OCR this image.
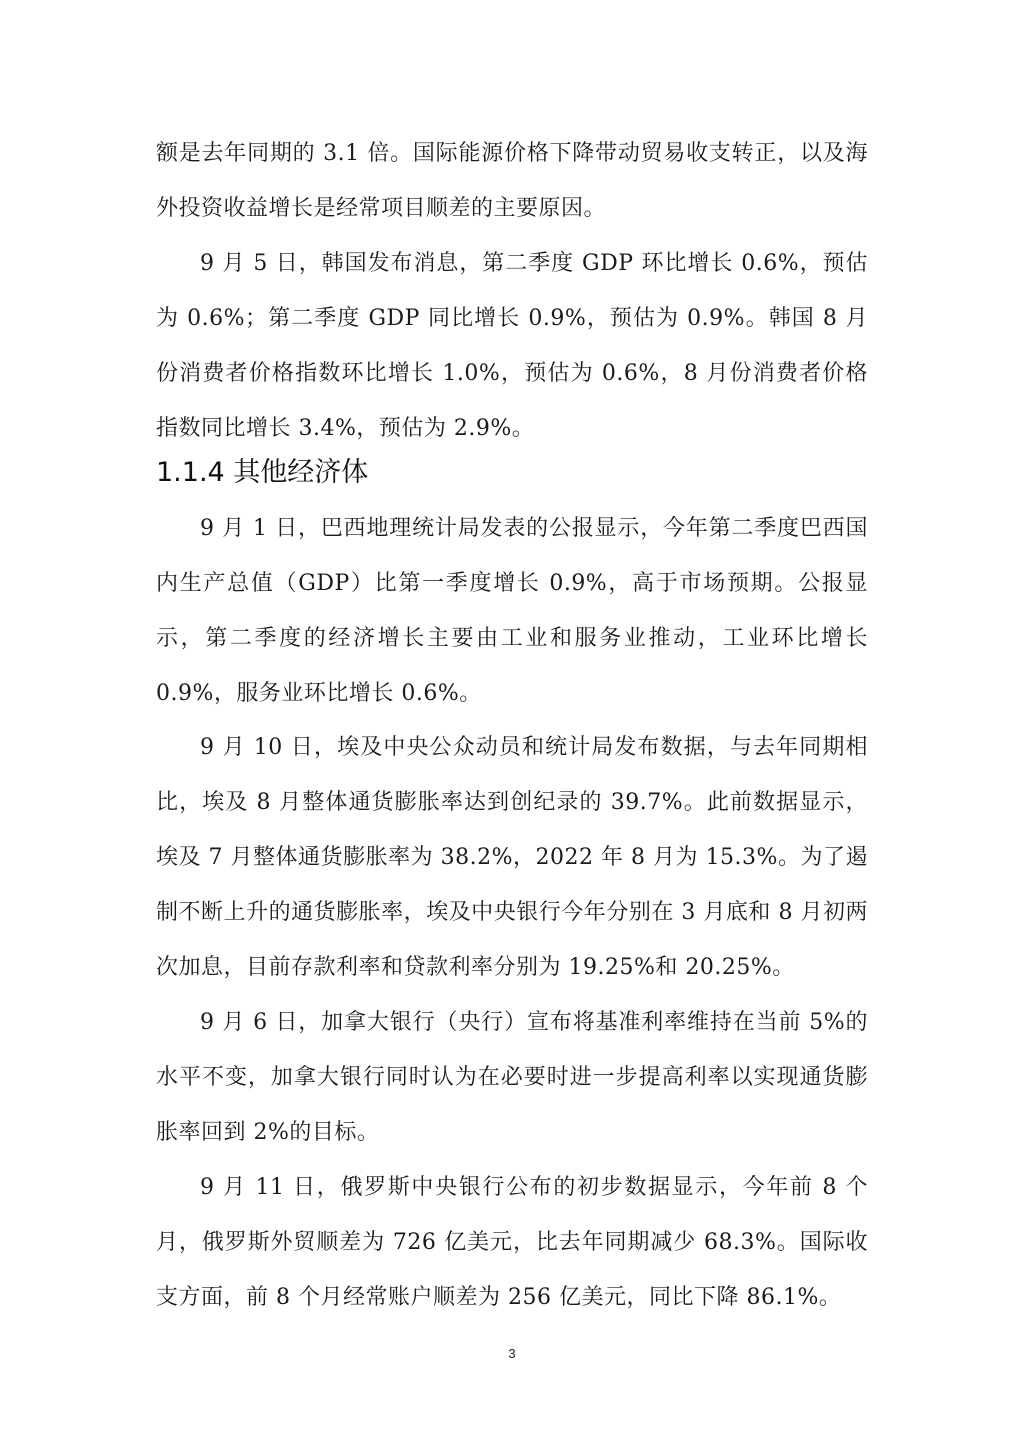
额是去年同期的 3.1 倍。国际能源价格下降带动贸易收支转正，以及海外投资收益增长是经常项目顺差的主要原因。

9 月 5 日，韩国发布消息，第二季度 GDP 环比增长 0.6%，预估为 0.6%；第二季度 GDP 同比增长 0.9%，预估为 0.9%。韩国 8 月份消费者价格指数环比增长 1.0%，预估为 0.6%，8 月份消费者价格指数同比增长 3.4%，预估为 2.9%。

1.1.4 其他经济体

9 月 1 日，巴西地理统计局发表的公报显示，今年第二季度巴西国内生产总值（GDP）比第一季度增长 0.9%，高于市场预期。公报显示，第二季度的经济增长主要由工业和服务业推动，工业环比增长 0.9%，服务业环比增长 0.6%。

9 月 10 日，埃及中央公众动员和统计局发布数据，与去年同期相比，埃及 8 月整体通货膨胀率达到创纪录的 39.7%。此前数据显示，埃及 7 月整体通货膨胀率为 38.2%，2022 年 8 月为 15.3%。为了遏制不断上升的通货膨胀率，埃及中央银行今年分别在 3 月底和 8 月初两次加息，目前存款利率和贷款利率分别为 19.25%和 20.25%。

9 月 6 日，加拿大银行（央行）宣布将基准利率维持在当前 5%的水平不变，加拿大银行同时认为在必要时进一步提高利率以实现通货膨胀率回到 2%的目标。

9 月 11 日，俄罗斯中央银行公布的初步数据显示，今年前 8 个月，俄罗斯外贸顺差为 726 亿美元，比去年同期减少 68.3%。国际收支方面，前 8 个月经常账户顺差为 256 亿美元，同比下降 86.1%。

3
